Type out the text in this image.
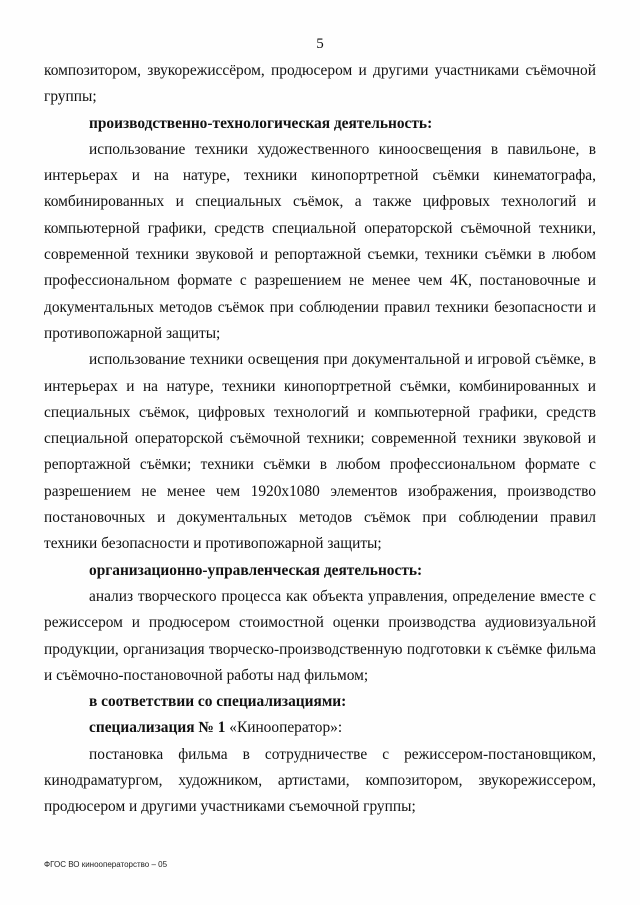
5

композитором, звукорежиссёром, продюсером и другими участниками съёмочной группы;

производственно-технологическая деятельность:

использование техники художественного киноосвещения в павильоне, в интерьерах и на натуре, техники кинопортретной съёмки кинематографа, комбинированных и специальных съёмок, а также цифровых технологий и компьютерной графики, средств специальной операторской съёмочной техники, современной техники звуковой и репортажной съемки, техники съёмки в любом профессиональном формате с разрешением не менее чем 4К, постановочные и документальных методов съёмок при соблюдении правил техники безопасности и противопожарной защиты;

использование техники освещения при документальной и игровой съёмке, в интерьерах и на натуре, техники кинопортретной съёмки, комбинированных и специальных съёмок, цифровых технологий и компьютерной графики, средств специальной операторской съёмочной техники; современной техники звуковой и репортажной съёмки; техники съёмки в любом профессиональном формате с разрешением не менее чем 1920х1080 элементов изображения, производство постановочных и документальных методов съёмок при соблюдении правил техники безопасности и противопожарной защиты;

организационно-управленческая деятельность:

анализ творческого процесса как объекта управления, определение вместе с режиссером и продюсером стоимостной оценки производства аудиовизуальной продукции, организация творческо-производственную подготовки к съёмке фильма и съёмочно-постановочной работы над фильмом;

в соответствии со специализациями:

специализация № 1 «Кинооператор»:

постановка фильма в сотрудничестве с режиссером-постановщиком, кинодраматургом, художником, артистами, композитором, звукорежиссером, продюсером и другими участниками съемочной группы;

ФГОС ВО кинооператорство – 05
